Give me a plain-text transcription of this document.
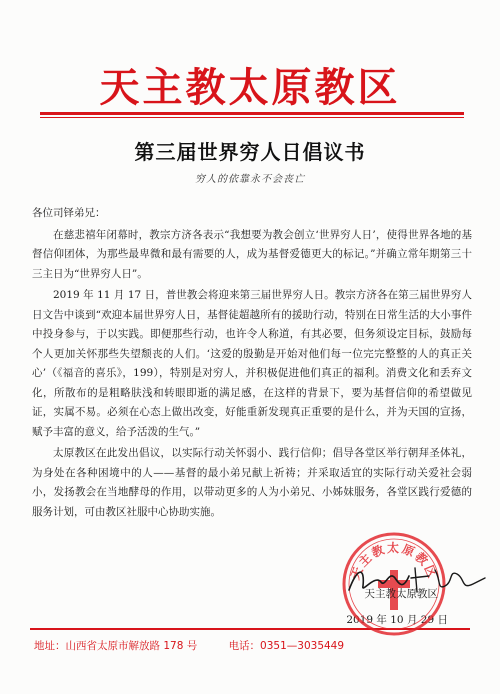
天主教太原教区
第三届世界穷人日倡议书
穷人的依靠永不会丧亡

各位司铎弟兄：

在慈悲禧年闭幕时，教宗方济各表示“我想要为教会创立‘世界穷人日’，使得世界各地的基督信仰团体，为那些最卑微和最有需要的人，成为基督爱德更大的标记。”并确立常年期第三十三主日为“世界穷人日”。

2019 年 11 月 17 日，普世教会将迎来第三届世界穷人日。教宗方济各在第三届世界穷人日文告中谈到“欢迎本届世界穷人日，基督徒超越所有的援助行动，特别在日常生活的大小事件中投身参与，于以实践。即便那些行动，也许令人称道，有其必要，但务须设定目标，鼓励每个人更加关怀那些失望颓丧的人们。‘这爱的殷勤是开始对他们每一位完完整整的人的真正关心’（《福音的喜乐》，199），特别是对穷人，并积极促进他们真正的福利。消费文化和丢弃文化，所散布的是粗略肤浅和转眼即逝的满足感，在这样的背景下，要为基督信仰的希望做见证，实属不易。必须在心态上做出改变，好能重新发现真正重要的是什么，并为天国的宣扬，赋予丰富的意义，给予活泼的生气。”

太原教区在此发出倡议，以实际行动关怀弱小、践行信仰；倡导各堂区举行朝拜圣体礼，为身处在各种困境中的人——基督的最小弟兄献上祈祷；并采取适宜的实际行动关爱社会弱小，发扬教会在当地酵母的作用，以带动更多的人为小弟兄、小姊妹服务，各堂区践行爱德的服务计划，可由教区社服中心协助实施。

天主教太原教区
天主教太原教区
2019 年 10 月 29 日
地址：山西省太原市解放路 178 号	电话：0351—3035449
